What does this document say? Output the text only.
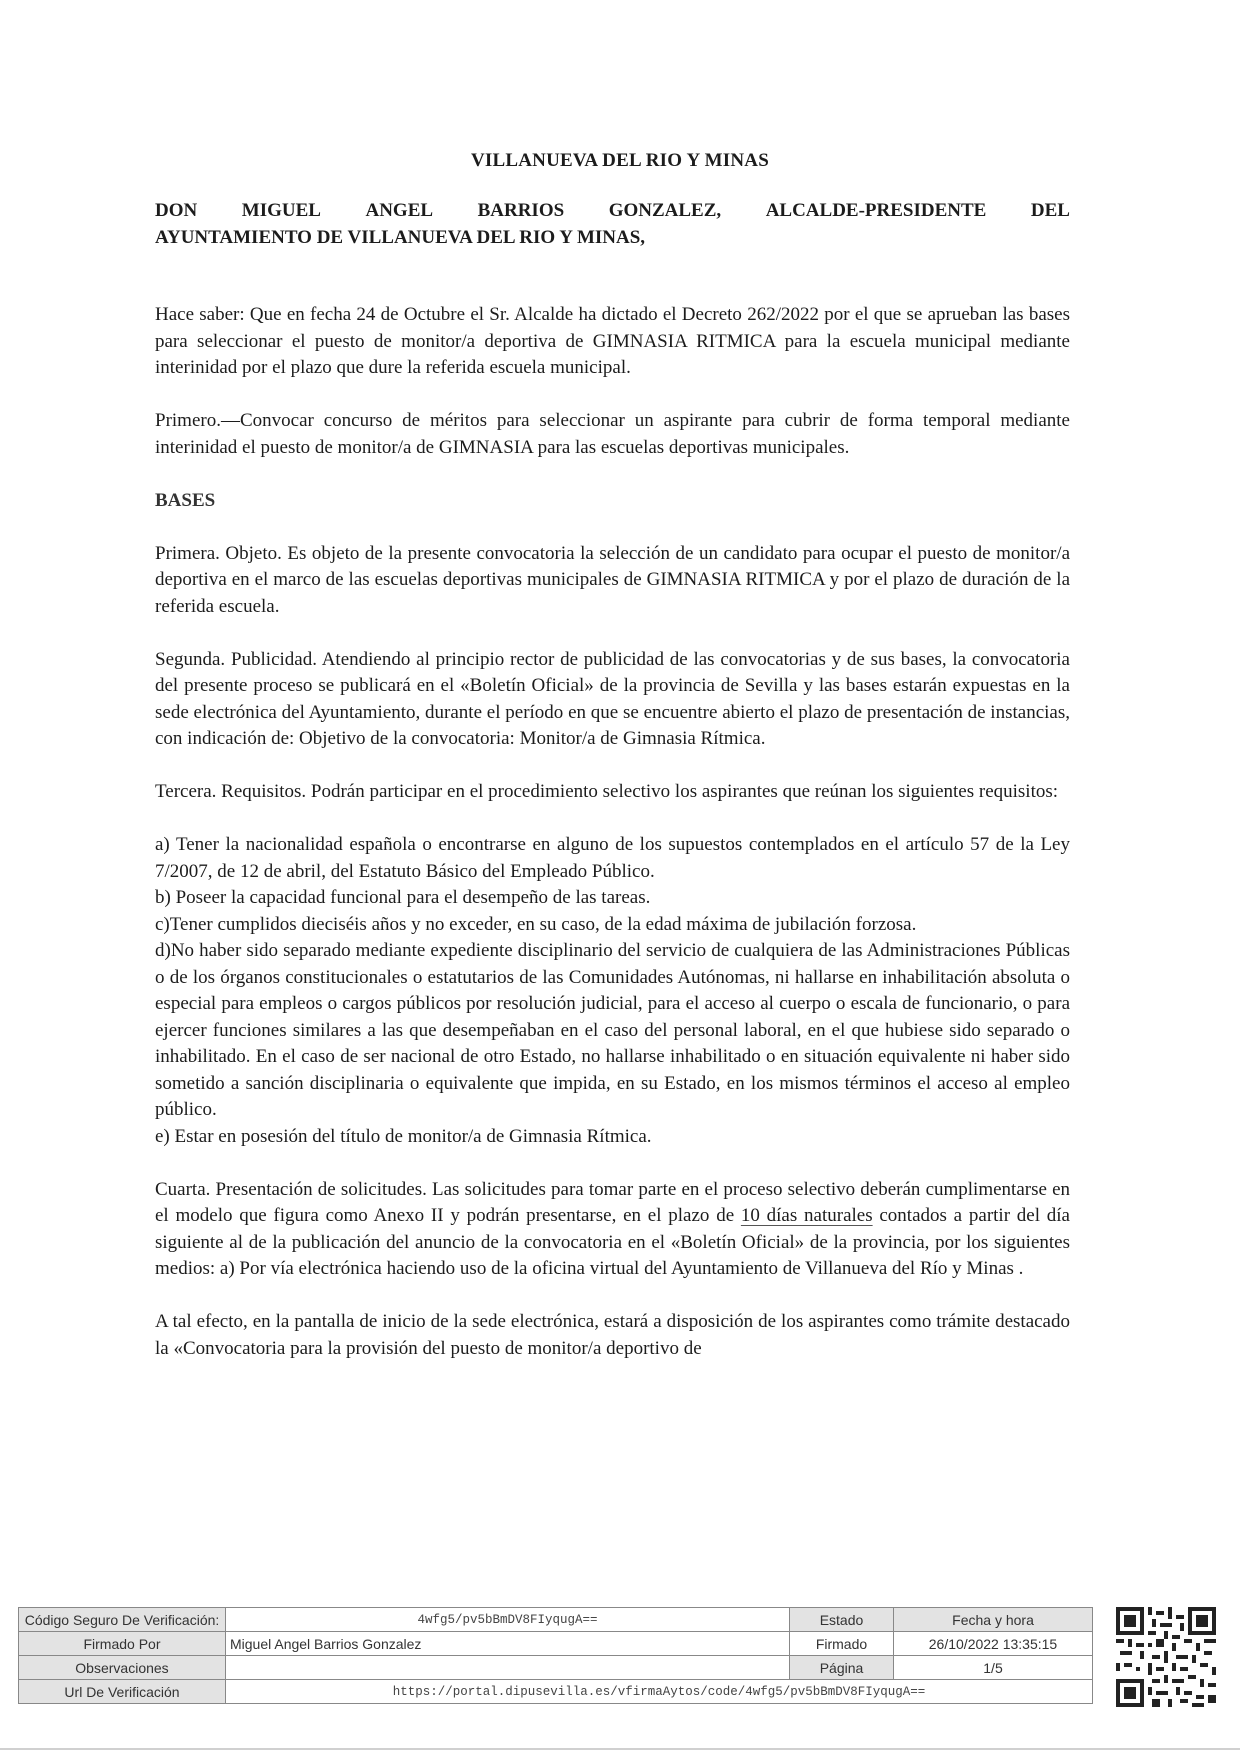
VILLANUEVA DEL RIO Y MINAS
DON MIGUEL ANGEL BARRIOS GONZALEZ, ALCALDE-PRESIDENTE DEL
AYUNTAMIENTO DE VILLANUEVA DEL RIO Y MINAS,

Hace saber: Que en fecha 24 de Octubre el Sr. Alcalde ha dictado el Decreto 262/2022 por el que se aprueban las bases para seleccionar el puesto de monitor/a deportiva de GIMNASIA RITMICA para la escuela municipal mediante interinidad por el plazo que dure la referida escuela municipal.

Primero.—Convocar concurso de méritos para seleccionar un aspirante para cubrir de forma temporal mediante interinidad el puesto de monitor/a de GIMNASIA para las escuelas deportivas municipales.

BASES

Primera. Objeto. Es objeto de la presente convocatoria la selección de un candidato para ocupar el puesto de monitor/a deportiva en el marco de las escuelas deportivas municipales de GIMNASIA RITMICA y por el plazo de duración de la referida escuela.

Segunda. Publicidad. Atendiendo al principio rector de publicidad de las convocatorias y de sus bases, la convocatoria del presente proceso se publicará en el «Boletín Oficial» de la provincia de Sevilla y las bases estarán expuestas en la sede electrónica del Ayuntamiento, durante el período en que se encuentre abierto el plazo de presentación de instancias, con indicación de: Objetivo de la convocatoria: Monitor/a de Gimnasia Rítmica.

Tercera. Requisitos. Podrán participar en el procedimiento selectivo los aspirantes que reúnan los siguientes requisitos:

a) Tener la nacionalidad española o encontrarse en alguno de los supuestos contemplados en el artículo 57 de la Ley 7/2007, de 12 de abril, del Estatuto Básico del Empleado Público.

b) Poseer la capacidad funcional para el desempeño de las tareas.

c)Tener cumplidos dieciséis años y no exceder, en su caso, de la edad máxima de jubilación forzosa.

d)No haber sido separado mediante expediente disciplinario del servicio de cualquiera de las Administraciones Públicas o de los órganos constitucionales o estatutarios de las Comunidades Autónomas, ni hallarse en inhabilitación absoluta o especial para empleos o cargos públicos por resolución judicial, para el acceso al cuerpo o escala de funcionario, o para ejercer funciones similares a las que desempeñaban en el caso del personal laboral, en el que hubiese sido separado o inhabilitado. En el caso de ser nacional de otro Estado, no hallarse inhabilitado o en situación equivalente ni haber sido sometido a sanción disciplinaria o equivalente que impida, en su Estado, en los mismos términos el acceso al empleo público.

e) Estar en posesión del título de monitor/a de Gimnasia Rítmica.

Cuarta. Presentación de solicitudes. Las solicitudes para tomar parte en el proceso selectivo deberán cumplimentarse en el modelo que figura como Anexo II y podrán presentarse, en el plazo de 10 días naturales contados a partir del día siguiente al de la publicación del anuncio de la convocatoria en el «Boletín Oficial» de la provincia, por los siguientes medios: a) Por vía electrónica haciendo uso de la oficina virtual del Ayuntamiento de Villanueva del Río y Minas .

A tal efecto, en la pantalla de inicio de la sede electrónica, estará a disposición de los aspirantes como trámite destacado la «Convocatoria para la provisión del puesto de monitor/a deportivo de

Código Seguro De Verificación:	4wfg5/pv5bBmDV8FIyqugA==	Estado	Fecha y hora
Firmado Por	Miguel Angel Barrios Gonzalez	Firmado	26/10/2022 13:35:15
Observaciones		Página	1/5
Url De Verificación	https://portal.dipusevilla.es/vfirmaAytos/code/4wfg5/pv5bBmDV8FIyqugA==		
